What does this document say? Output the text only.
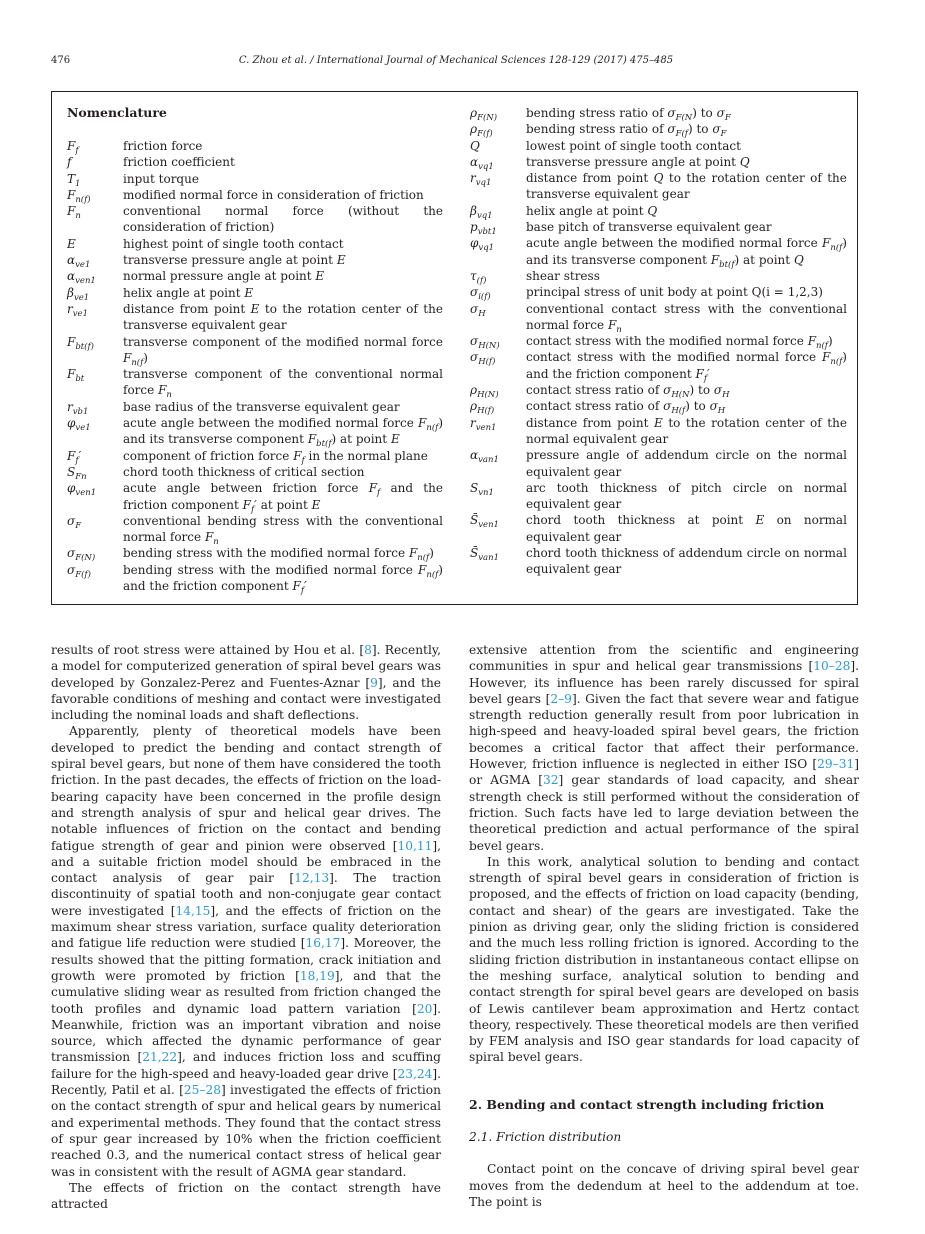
476	C. Zhou et al. / International Journal of Mechanical Sciences 128-129 (2017) 475–485
Nomenclature
$F_f$	friction force
f	friction coefficient
$T_1$	input torque
$F_{n(f)}$	modified normal force in consideration of friction
$F_n$	conventional normal force (without the consideration of friction)
E	highest point of single tooth contact
$\alpha_{ve1}$	transverse pressure angle at point E
$\alpha_{ven1}$	normal pressure angle at point E
$\beta_{ve1}$	helix angle at point E
$r_{ve1}$	distance from point E to the rotation center of the transverse equivalent gear
$F_{bt(f)}$	transverse component of the modified normal force $F_{n(f}$)
$F_{bt}$	transverse component of the conventional normal force $F_n$
$r_{vb1}$	base radius of the transverse equivalent gear
$\varphi_{ve1}$	acute angle between the modified normal force $F_{n(f}$) and its transverse component $F_{bt(f}$) at point E
$F_f'$	component of friction force $F_f$ in the normal plane
$S_{Fn}$	chord tooth thickness of critical section
$\varphi_{ven1}$	acute angle between friction force $F_f$ and the friction component $F_f'$ at point E
$\sigma_F$	conventional bending stress with the conventional normal force $F_n$
$\sigma_{F(N)}$	bending stress with the modified normal force $F_{n(f}$)
$\sigma_{F(f)}$	bending stress with the modified normal force $F_{n(f}$) and the friction component $F_f'$
$\rho_{F(N)}$	bending stress ratio of $\sigma_{F(N}$) to $\sigma_F$
$\rho_{F(f)}$	bending stress ratio of $\sigma_{F(f}$) to $\sigma_F$
Q	lowest point of single tooth contact
$\alpha_{vq1}$	transverse pressure angle at point Q
$r_{vq1}$	distance from point Q to the rotation center of the transverse equivalent gear
$\beta_{vq1}$	helix angle at point Q
$p_{vbt1}$	base pitch of transverse equivalent gear
$\varphi_{vq1}$	acute angle between the modified normal force $F_{n(f}$) and its transverse component $F_{bt(f}$) at point Q
$\tau_{(f)}$	shear stress
$\sigma_{i(f)}$	principal stress of unit body at point Q(i = 1,2,3)
$\sigma_H$	conventional contact stress with the conventional normal force $F_n$
$\sigma_{H(N)}$	contact stress with the modified normal force $F_{n(f}$)
$\sigma_{H(f)}$	contact stress with the modified normal force $F_{n(f}$) and the friction component $F_f'$
$\rho_{H(N)}$	contact stress ratio of $\sigma_{H(N}$) to $\sigma_H$
$\rho_{H(f)}$	contact stress ratio of $\sigma_{H(f}$) to $\sigma_H$
$r_{ven1}$	distance from point E to the rotation center of the normal equivalent gear
$\alpha_{van1}$	pressure angle of addendum circle on the normal equivalent gear
$S_{vn1}$	arc tooth thickness of pitch circle on normal equivalent gear
$S̄_{ven1}$	chord tooth thickness at point E on normal equivalent gear
$S̄_{van1}$	chord tooth thickness of addendum circle on normal equivalent gear

results of root stress were attained by Hou et al. [8]. Recently, a model for computerized generation of spiral bevel gears was developed by Gonzalez-Perez and Fuentes-Aznar [9], and the favorable conditions of meshing and contact were investigated including the nominal loads and shaft deflections.

Apparently, plenty of theoretical models have been developed to predict the bending and contact strength of spiral bevel gears, but none of them have considered the tooth friction. In the past decades, the effects of friction on the load-bearing capacity have been concerned in the profile design and strength analysis of spur and helical gear drives. The notable influences of friction on the contact and bending fatigue strength of gear and pinion were observed [10,11], and a suitable friction model should be embraced in the contact analysis of gear pair [12,13]. The traction discontinuity of spatial tooth and non-conjugate gear contact were investigated [14,15], and the effects of friction on the maximum shear stress variation, surface quality deterioration and fatigue life reduction were studied [16,17]. Moreover, the results showed that the pitting formation, crack initiation and growth were promoted by friction [18,19], and that the cumulative sliding wear as resulted from friction changed the tooth profiles and dynamic load pattern variation [20]. Meanwhile, friction was an important vibration and noise source, which affected the dynamic performance of gear transmission [21,22], and induces friction loss and scuffing failure for the high-speed and heavy-loaded gear drive [23,24]. Recently, Patil et al. [25–28] investigated the effects of friction on the contact strength of spur and helical gears by numerical and experimental methods. They found that the contact stress of spur gear increased by 10% when the friction coefficient reached 0.3, and the numerical contact stress of helical gear was in consistent with the result of AGMA gear standard.

The effects of friction on the contact strength have attracted

extensive attention from the scientific and engineering communities in spur and helical gear transmissions [10–28]. However, its influence has been rarely discussed for spiral bevel gears [2–9]. Given the fact that severe wear and fatigue strength reduction generally result from poor lubrication in high-speed and heavy-loaded spiral bevel gears, the friction becomes a critical factor that affect their performance. However, friction influence is neglected in either ISO [29–31] or AGMA [32] gear standards of load capacity, and shear strength check is still performed without the consideration of friction. Such facts have led to large deviation between the theoretical prediction and actual performance of the spiral bevel gears.

In this work, analytical solution to bending and contact strength of spiral bevel gears in consideration of friction is proposed, and the effects of friction on load capacity (bending, contact and shear) of the gears are investigated. Take the pinion as driving gear, only the sliding friction is considered and the much less rolling friction is ignored. According to the sliding friction distribution in instantaneous contact ellipse on the meshing surface, analytical solution to bending and contact strength for spiral bevel gears are developed on basis of Lewis cantilever beam approximation and Hertz contact theory, respectively. These theoretical models are then verified by FEM analysis and ISO gear standards for load capacity of spiral bevel gears.

2. Bending and contact strength including friction
2.1. Friction distribution

Contact point on the concave of driving spiral bevel gear moves from the dedendum at heel to the addendum at toe. The point is
